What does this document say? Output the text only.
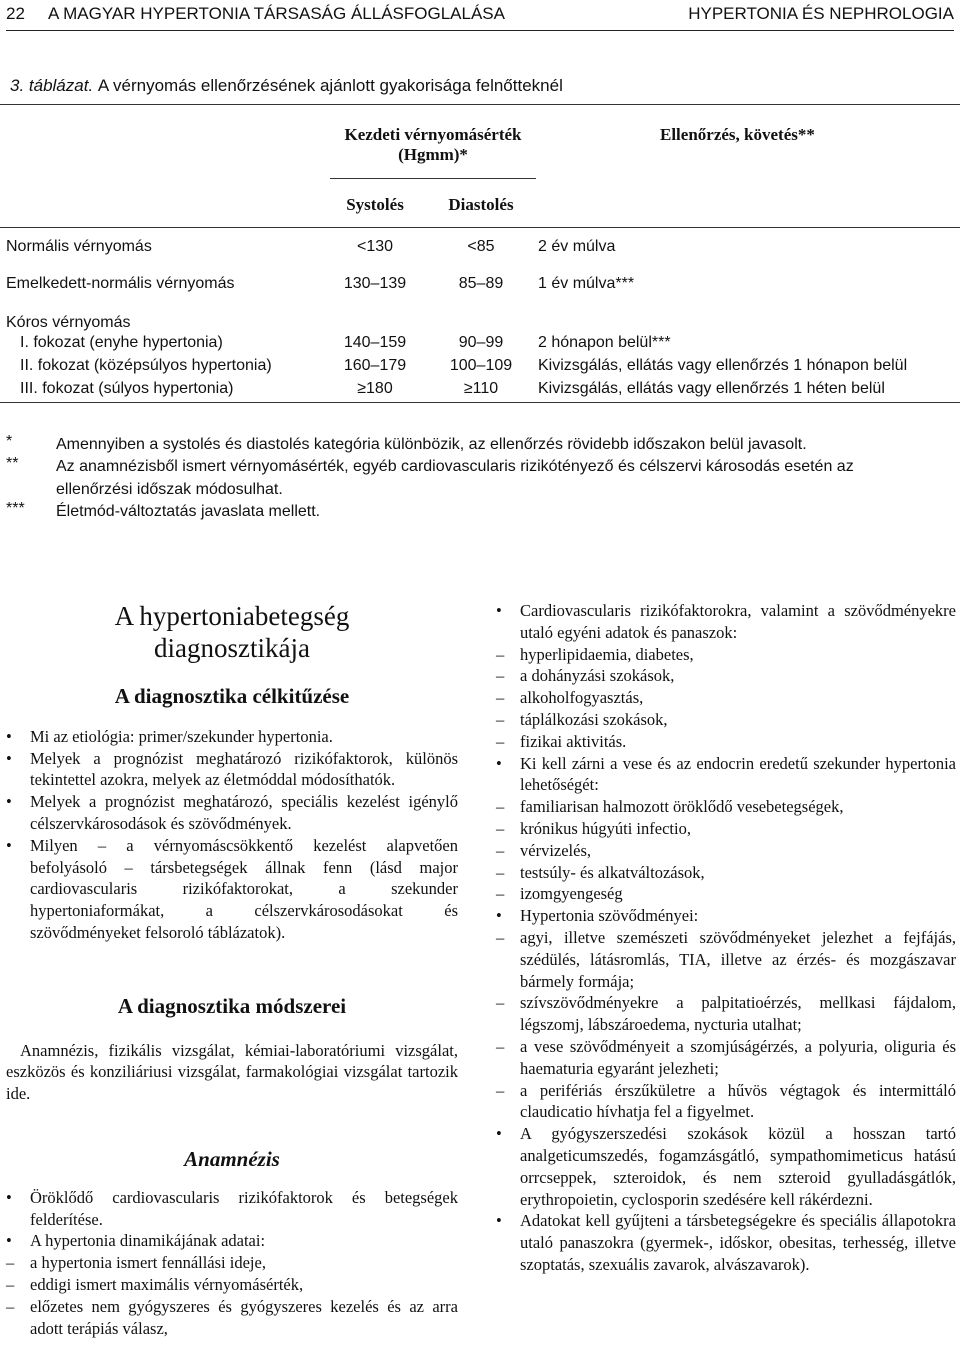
22 A MAGYAR HYPERTONIA TÁRSASÁG ÁLLÁSFOGLALÁSA	HYPERTONIA ÉS NEPHROLOGIA
3. táblázat. A vérnyomás ellenőrzésének ajánlott gyakorisága felnőtteknél
Kezdeti vérnyomásérték
(Hgmm)*
Ellenőrzés, követés**
Systolés	Diastolés
Normális vérnyomás	<130	<85	2 év múlva
Emelkedett-normális vérnyomás	130–139	85–89	1 év múlva***
Kóros vérnyomás
I. fokozat (enyhe hypertonia)	140–159	90–99	2 hónapon belül***
II. fokozat (középsúlyos hypertonia)	160–179	100–109	Kivizsgálás, ellátás vagy ellenőrzés 1 hónapon belül
III. fokozat (súlyos hypertonia)	≥180	≥110	Kivizsgálás, ellátás vagy ellenőrzés 1 héten belül
*	Amennyiben a systolés és diastolés kategória különbözik, az ellenőrzés rövidebb időszakon belül javasolt.
** Az anamnézisből ismert vérnyomásérték, egyéb cardiovascularis rizikótényező és célszervi károsodás esetén az ellenőrzési időszak módosulhat.
*** Életmód-változtatás javaslata mellett.
A hypertoniabetegség diagnosztikája
A diagnosztika célkitűzése
• Mi az etiológia: primer/szekunder hypertonia.
• Melyek a prognózist meghatározó rizikófaktorok, különös tekintettel azokra, melyek az életmóddal módosíthatók.
• Melyek a prognózist meghatározó, speciális kezelést igénylő célszervkárosodások és szövődmények.
• Milyen – a vérnyomáscsökkentő kezelést alapvetően befolyásoló – társbetegségek állnak fenn (lásd major cardiovascularis rizikófaktorokat, a szekunder hypertoniaformákat, a célszervkárosodásokat és szövődményeket felsoroló táblázatok).
A diagnosztika módszerei

Anamnézis, fizikális vizsgálat, kémiai-laboratóriumi vizsgálat, eszközös és konziliáriusi vizsgálat, farmakológiai vizsgálat tartozik ide.

Anamnézis
• Öröklődő cardiovascularis rizikófaktorok és betegségek felderítése.
• A hypertonia dinamikájának adatai:
– a hypertonia ismert fennállási ideje,
– eddigi ismert maximális vérnyomásérték,
– előzetes nem gyógyszeres és gyógyszeres kezelés és az arra adott terápiás válasz,
• Cardiovascularis rizikófaktorokra, valamint a szövődményekre utaló egyéni adatok és panaszok:
– hyperlipidaemia, diabetes,
– a dohányzási szokások,
– alkoholfogyasztás,
– táplálkozási szokások,
– fizikai aktivitás.
• Ki kell zárni a vese és az endocrin eredetű szekunder hypertonia lehetőségét:
– familiarisan halmozott öröklődő vesebetegségek,
– krónikus húgyúti infectio,
– vérvizelés,
– testsúly- és alkatváltozások,
– izomgyengeség
• Hypertonia szövődményei:
– agyi, illetve szemészeti szövődményeket jelezhet a fejfájás, szédülés, látásromlás, TIA, illetve az érzés- és mozgászavar bármely formája;
– szívszövődményekre a palpitatioérzés, mellkasi fájdalom, légszomj, lábszároedema, nycturia utalhat;
– a vese szövődményeit a szomjúságérzés, a polyuria, oliguria és haematuria egyaránt jelezheti;
– a perifériás érszűkületre a hűvös végtagok és intermittáló claudicatio hívhatja fel a figyelmet.
• A gyógyszerszedési szokások közül a hosszan tartó analgeticumszedés, fogamzásgátló, sympathomimeticus hatású orrcseppek, szteroidok, és nem szteroid gyulladásgátlók, erythropoietin, cyclosporin szedésére kell rákérdezni.
• Adatokat kell gyűjteni a társbetegségekre és speciális állapotokra utaló panaszokra (gyermek-, időskor, obesitas, terhesség, illetve szoptatás, szexuális zavarok, alvászavarok).
